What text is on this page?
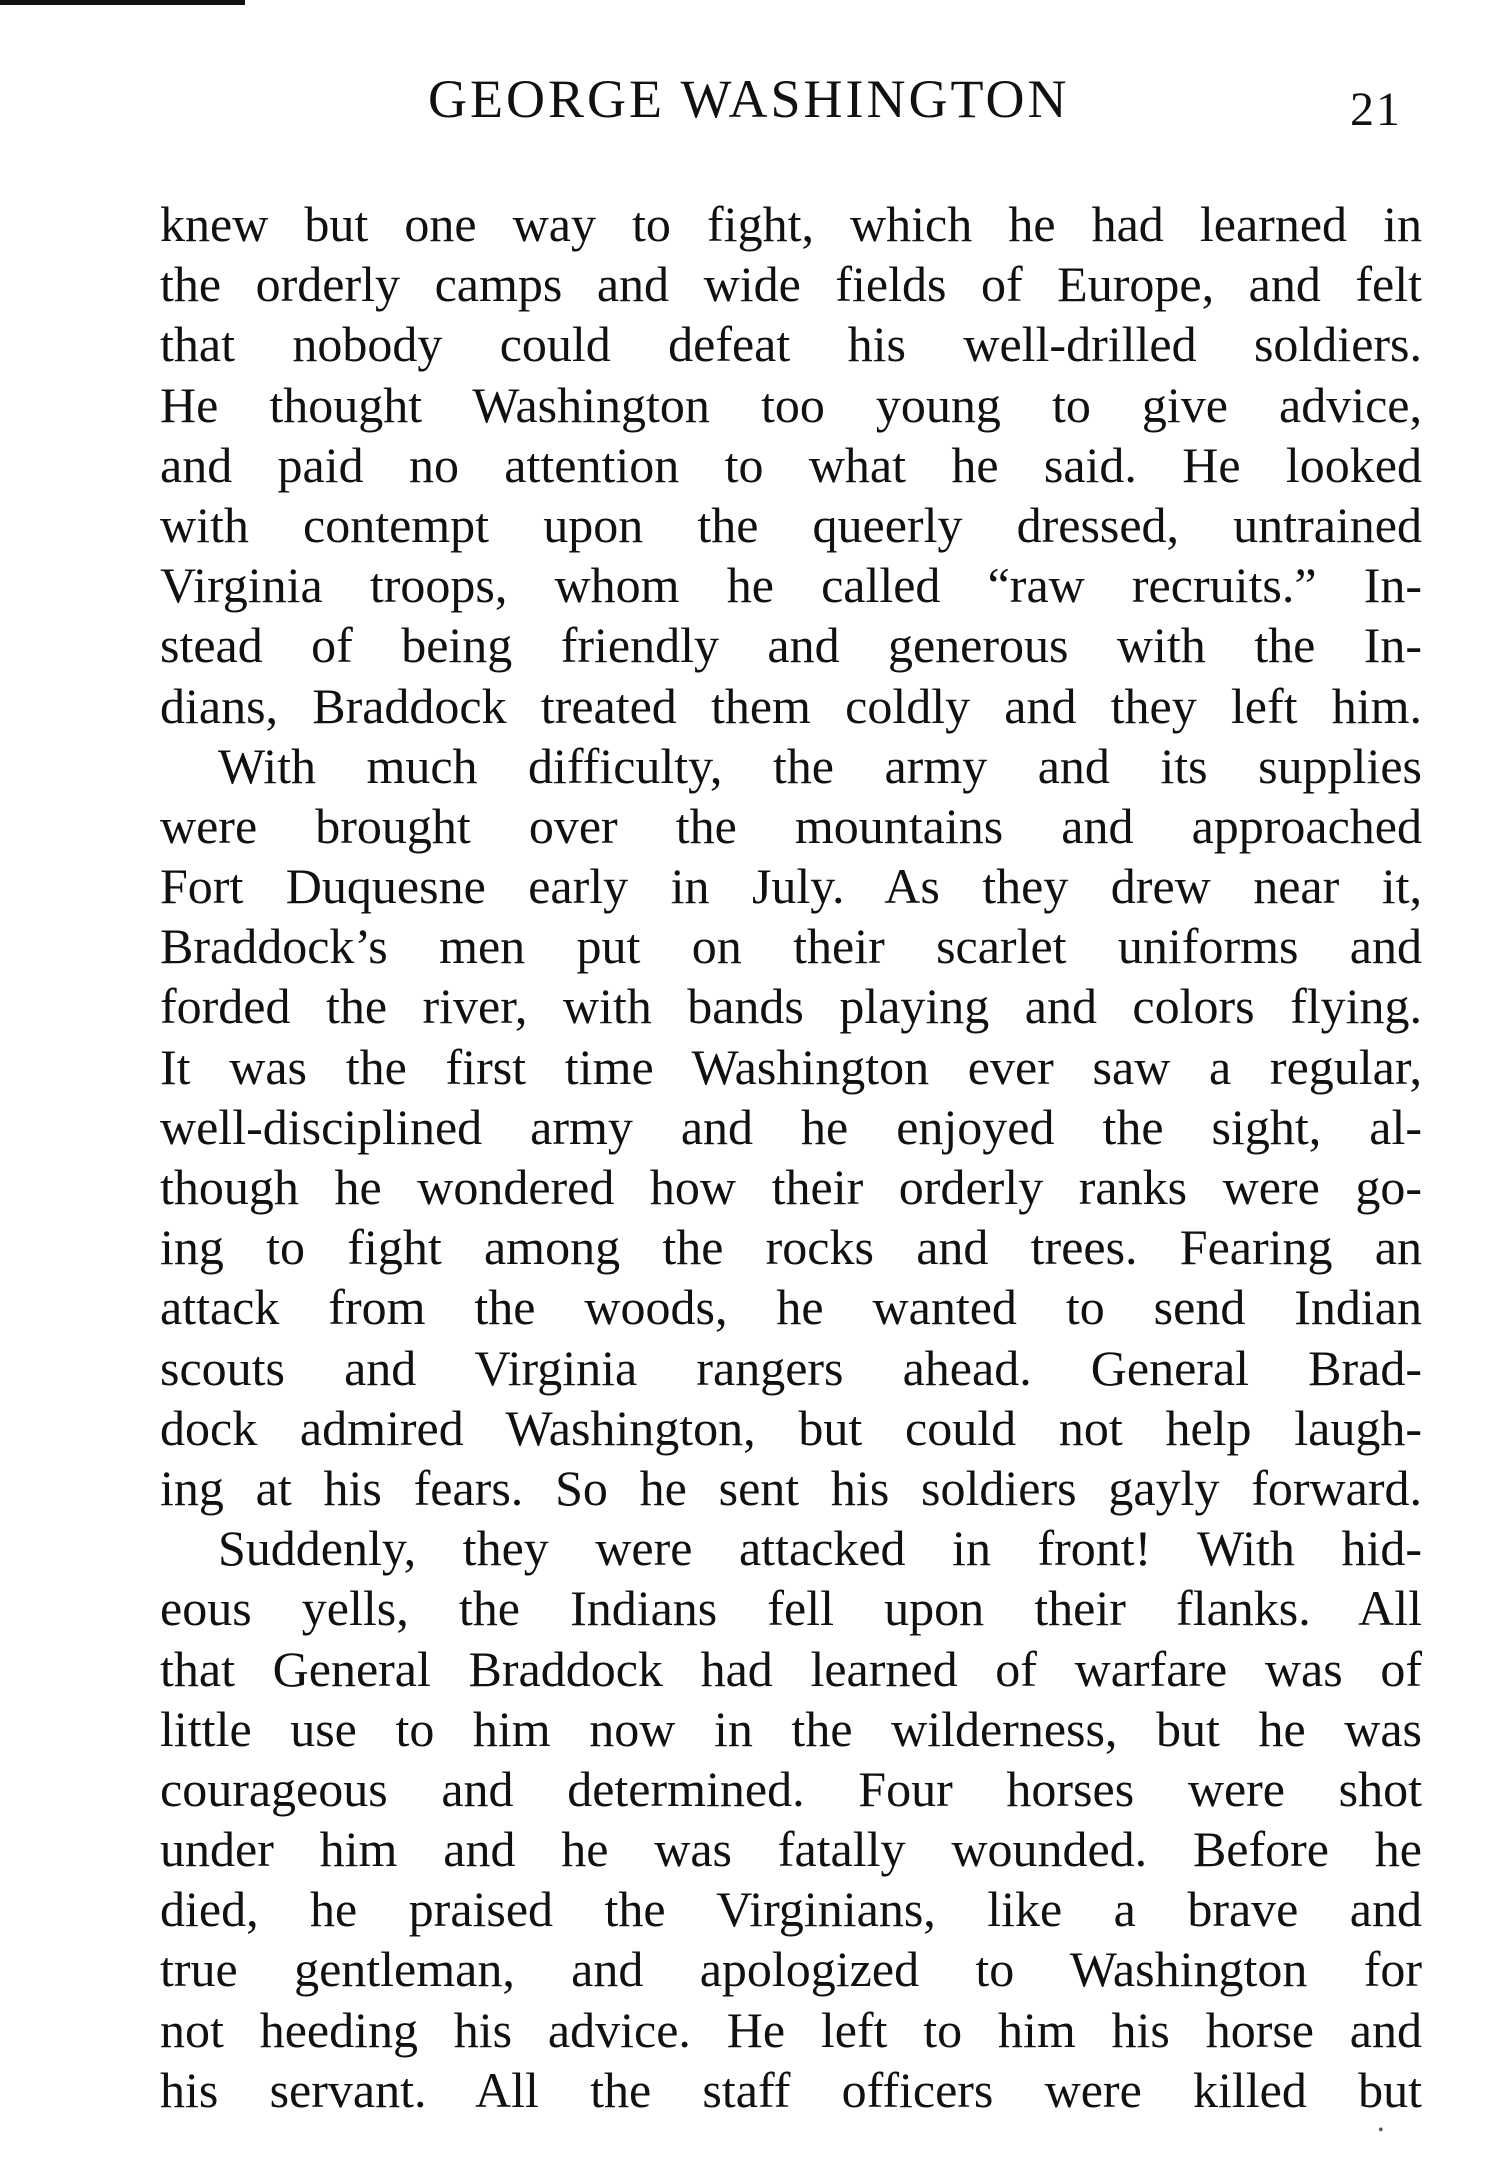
GEORGE WASHINGTON	21
knew but one way to fight, which he had learned in
the orderly camps and wide fields of Europe, and felt
that nobody could defeat his well-drilled soldiers.
He thought Washington too young to give advice,
and paid no attention to what he said. He looked
with contempt upon the queerly dressed, untrained
Virginia troops, whom he called “raw recruits.” In-
stead of being friendly and generous with the In-
dians, Braddock treated them coldly and they left him.
With much difficulty, the army and its supplies
were brought over the mountains and approached
Fort Duquesne early in July. As they drew near it,
Braddock’s men put on their scarlet uniforms and
forded the river, with bands playing and colors flying.
It was the first time Washington ever saw a regular,
well-disciplined army and he enjoyed the sight, al-
though he wondered how their orderly ranks were go-
ing to fight among the rocks and trees. Fearing an
attack from the woods, he wanted to send Indian
scouts and Virginia rangers ahead. General Brad-
dock admired Washington, but could not help laugh-
ing at his fears. So he sent his soldiers gayly forward.
Suddenly, they were attacked in front! With hid-
eous yells, the Indians fell upon their flanks. All
that General Braddock had learned of warfare was of
little use to him now in the wilderness, but he was
courageous and determined. Four horses were shot
under him and he was fatally wounded. Before he
died, he praised the Virginians, like a brave and
true gentleman, and apologized to Washington for
not heeding his advice. He left to him his horse and
his servant. All the staff officers were killed but
•
